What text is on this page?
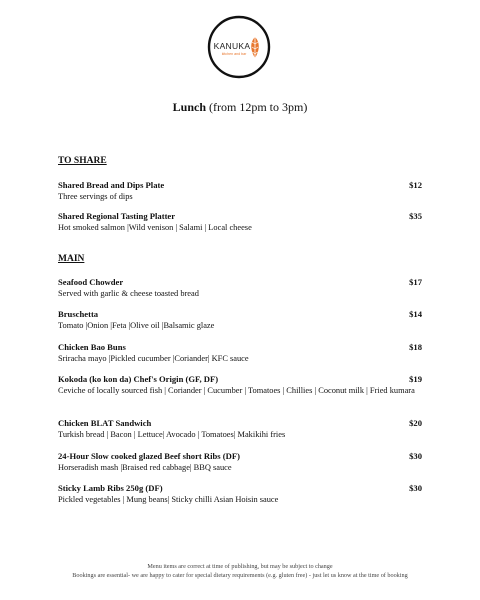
KANUKA
kitchen and bar
Lunch (from 12pm to 3pm)
TO SHARE
Shared Bread and Dips Plate	$12
Three servings of dips
Shared Regional Tasting Platter	$35
Hot smoked salmon |Wild venison | Salami | Local cheese
MAIN
Seafood Chowder	$17
Served with garlic & cheese toasted bread
Bruschetta	$14
Tomato |Onion |Feta |Olive oil |Balsamic glaze
Chicken Bao Buns	$18
Sriracha mayo |Pickled cucumber |Coriander| KFC sauce
Kokoda (ko kon da) Chef's Origin (GF, DF)	$19
Ceviche of locally sourced fish | Coriander | Cucumber | Tomatoes | Chillies | Coconut milk | Fried kumara
Chicken BLAT Sandwich	$20
Turkish bread | Bacon | Lettuce| Avocado | Tomatoes| Makikihi fries
24-Hour Slow cooked glazed Beef short Ribs (DF)	$30
Horseradish mash |Braised red cabbage| BBQ sauce
Sticky Lamb Ribs 250g (DF)	$30
Pickled vegetables | Mung beans| Sticky chilli Asian Hoisin sauce
Menu items are correct at time of publishing, but may be subject to change
Bookings are essential- we are happy to cater for special dietary requirements (e.g. gluten free) - just let us know at the time of booking
